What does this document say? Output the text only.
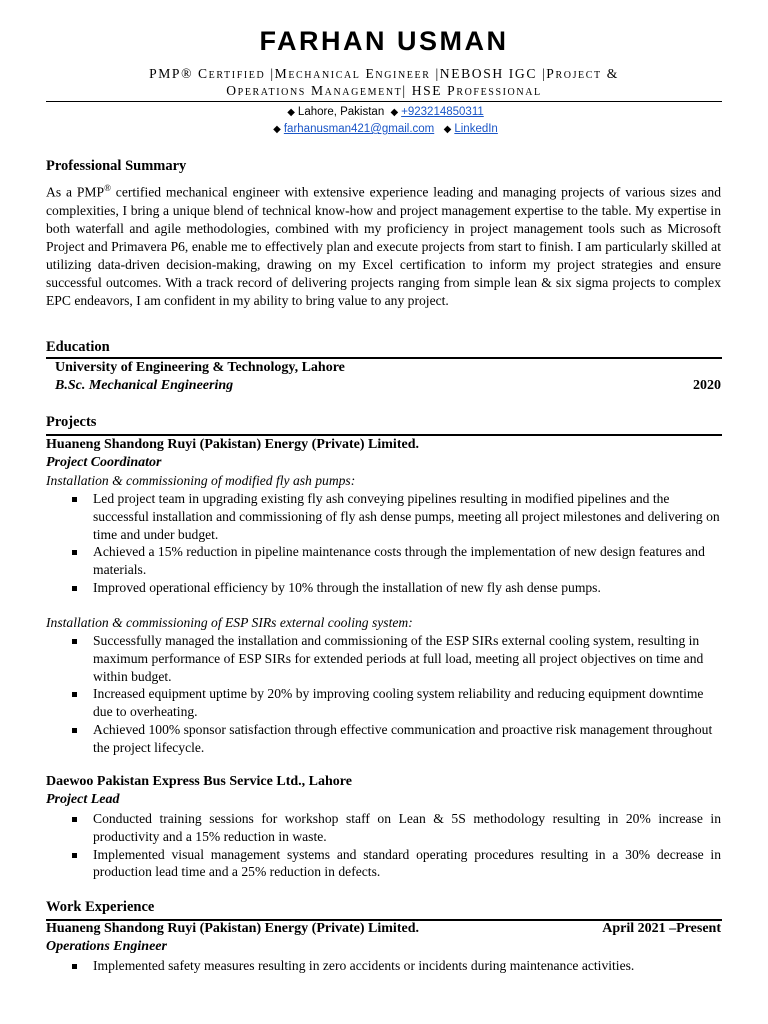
FARHAN USMAN
PMP® Certified |Mechanical Engineer |NEBOSH IGC |Project &
Operations Management| HSE Professional
◆ Lahore, Pakistan ◆ +923214850311
◆ farhanusman421@gmail.com ◆ LinkedIn
Professional Summary
As a PMP® certified mechanical engineer with extensive experience leading and managing projects of various sizes and complexities, I bring a unique blend of technical know-how and project management expertise to the table. My expertise in both waterfall and agile methodologies, combined with my proficiency in project management tools such as Microsoft Project and Primavera P6, enable me to effectively plan and execute projects from start to finish. I am particularly skilled at utilizing data-driven decision-making, drawing on my Excel certification to inform my project strategies and ensure successful outcomes. With a track record of delivering projects ranging from simple lean & six sigma projects to complex EPC endeavors, I am confident in my ability to bring value to any project.
Education
University of Engineering & Technology, Lahore
B.Sc. Mechanical Engineering	2020
Projects
Huaneng Shandong Ruyi (Pakistan) Energy (Private) Limited.
Project Coordinator
Installation & commissioning of modified fly ash pumps:
Led project team in upgrading existing fly ash conveying pipelines resulting in modified pipelines and the successful installation and commissioning of fly ash dense pumps, meeting all project milestones and delivering on time and under budget.
Achieved a 15% reduction in pipeline maintenance costs through the implementation of new design features and materials.
Improved operational efficiency by 10% through the installation of new fly ash dense pumps.
Installation & commissioning of ESP SIRs external cooling system:
Successfully managed the installation and commissioning of the ESP SIRs external cooling system, resulting in maximum performance of ESP SIRs for extended periods at full load, meeting all project objectives on time and within budget.
Increased equipment uptime by 20% by improving cooling system reliability and reducing equipment downtime due to overheating.
Achieved 100% sponsor satisfaction through effective communication and proactive risk management throughout the project lifecycle.
Daewoo Pakistan Express Bus Service Ltd., Lahore
Project Lead
Conducted training sessions for workshop staff on Lean & 5S methodology resulting in 20% increase in productivity and a 15% reduction in waste.
Implemented visual management systems and standard operating procedures resulting in a 30% decrease in production lead time and a 25% reduction in defects.
Work Experience
Huaneng Shandong Ruyi (Pakistan) Energy (Private) Limited.	April 2021 –Present
Operations Engineer
Implemented safety measures resulting in zero accidents or incidents during maintenance activities.
